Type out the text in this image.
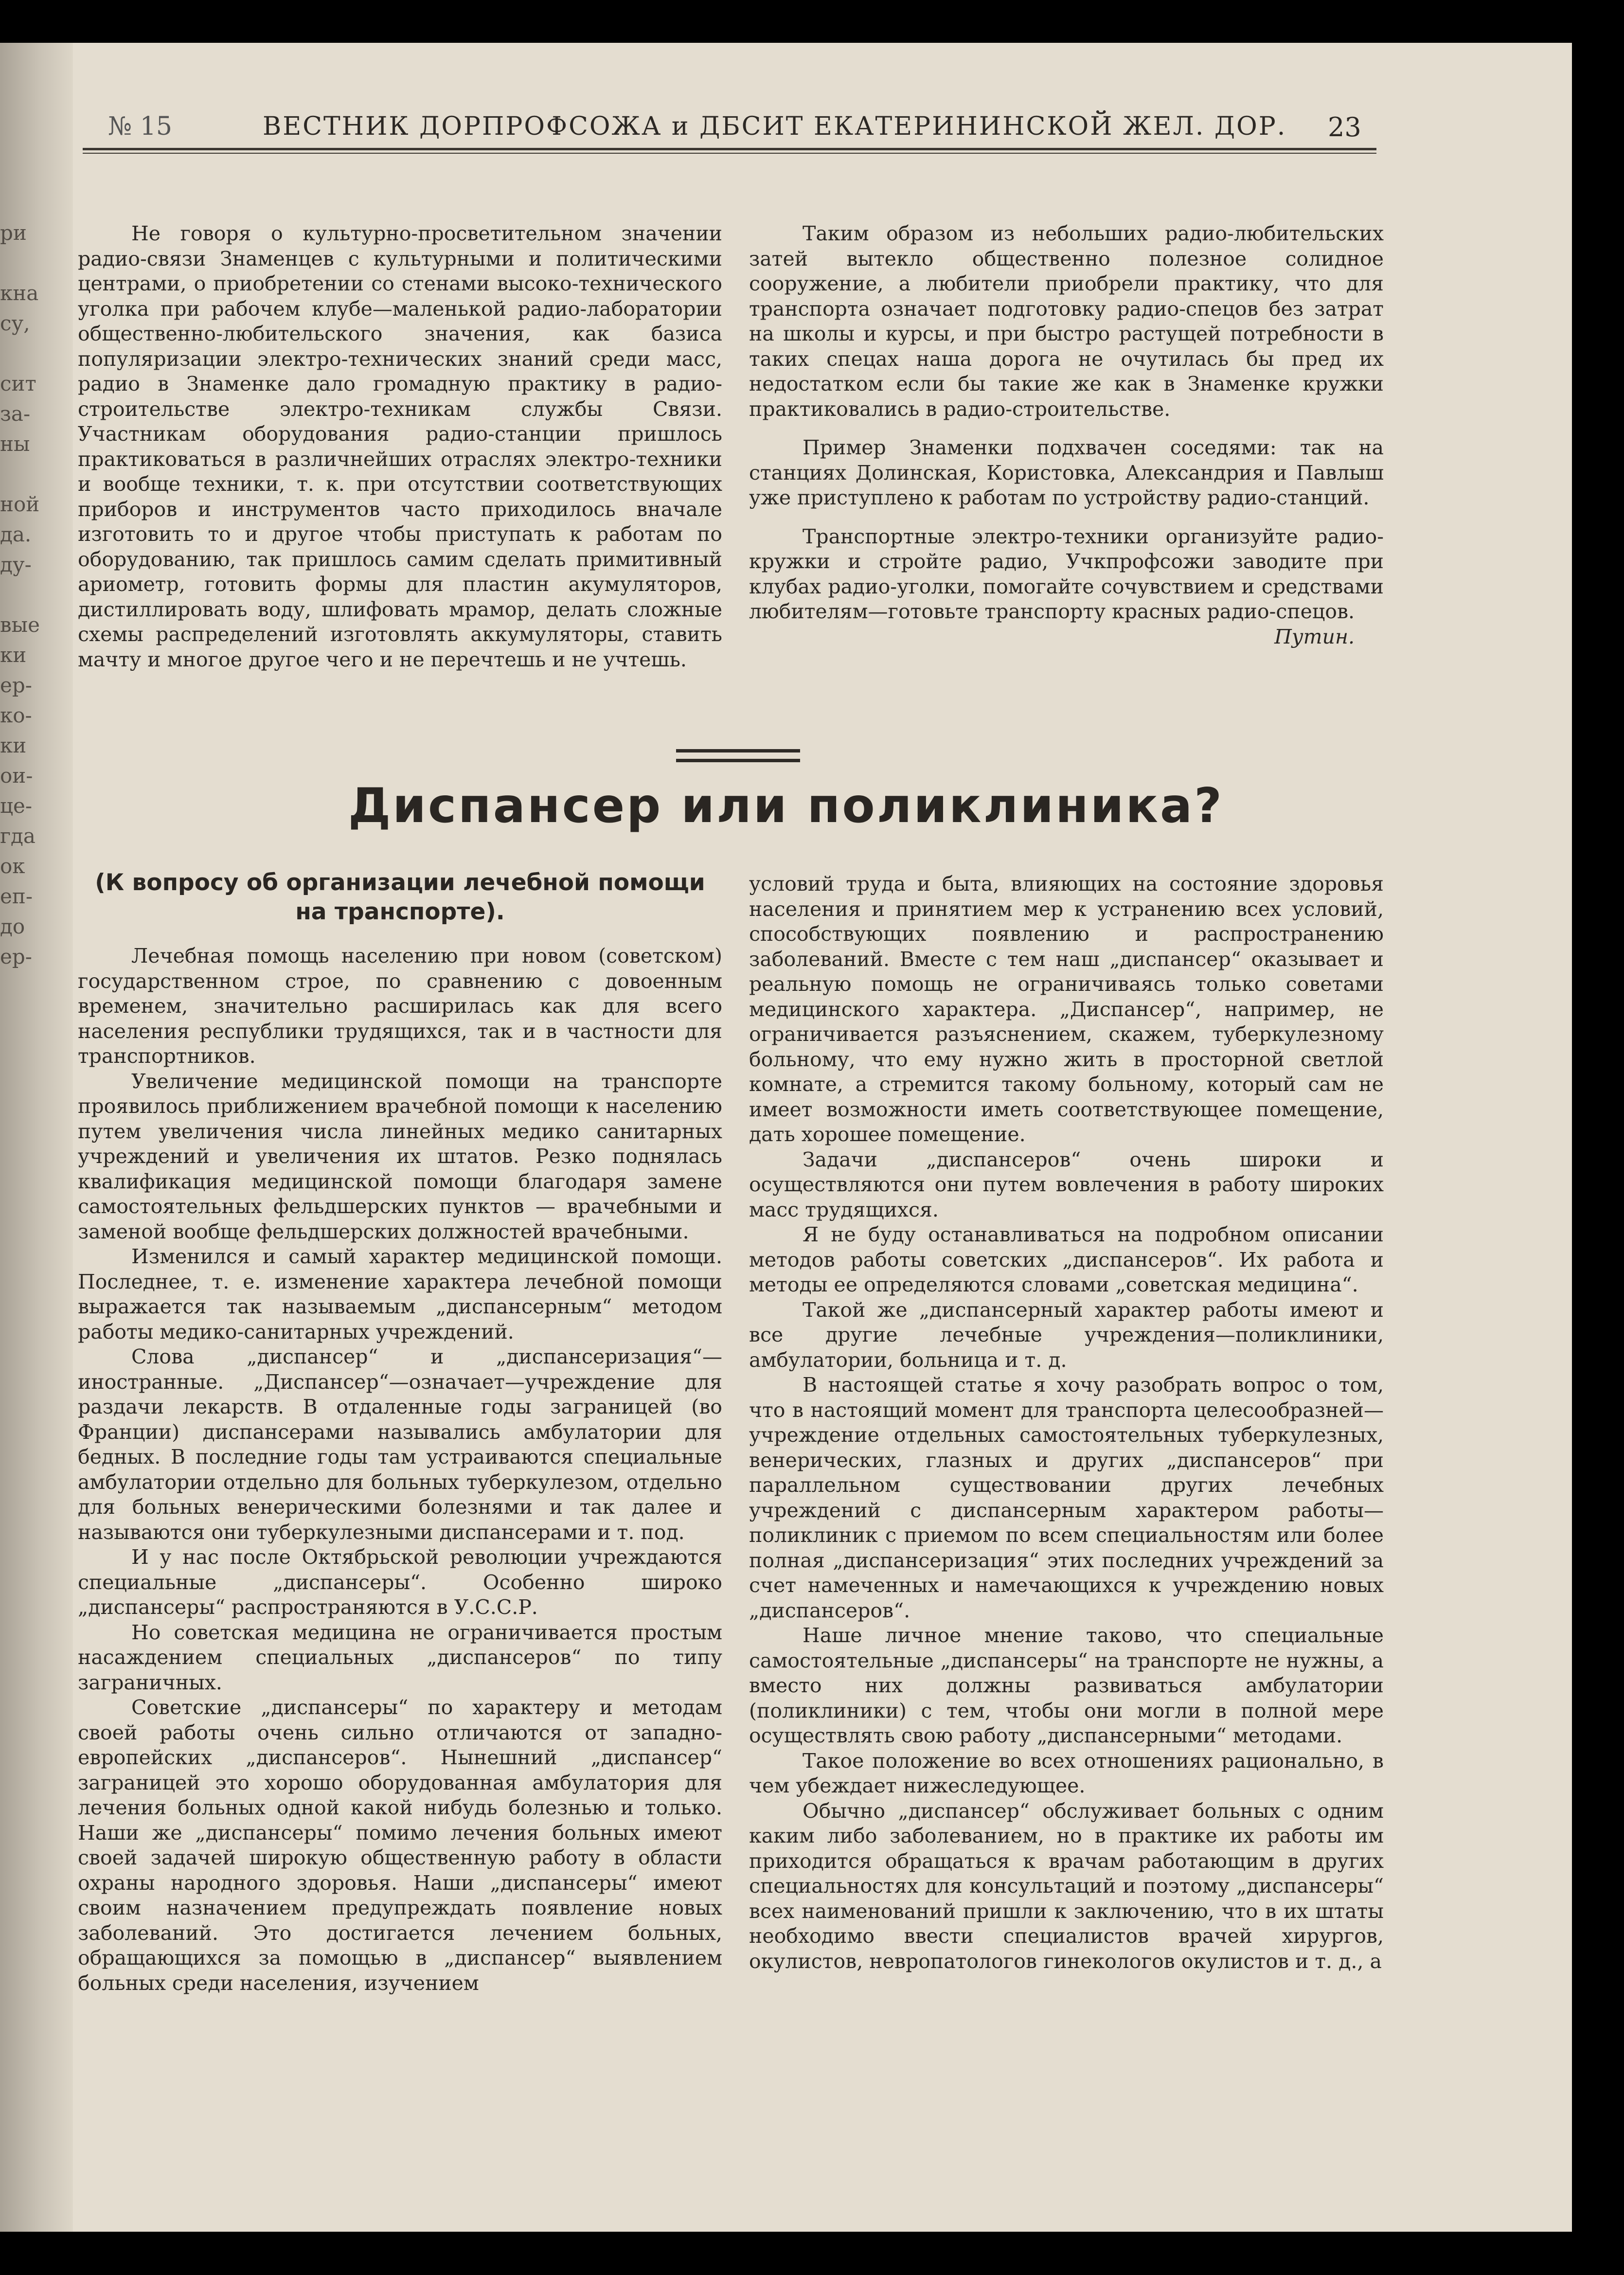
ри
кна
су,
сит
за-
ны
ной
да.
ду-
вые
ки
ер-
ко-
ки
ои-
це-
гда
ок
еп-
до
ер-
№ 15	ВЕСТНИК ДОРПРОФСОЖА и ДБСИТ ЕКАТЕРИНИНСКОЙ ЖЕЛ. ДОР. 23

Не говоря о культурно-просветительном значении радио-связи Знаменцев с культурными и политическими центрами, о приобретении со стенами высоко-технического уголка при рабочем клубе—маленькой радио-лаборатории общественно-любительского значения, как базиса популяризации электро-технических знаний среди масс, радио в Знаменке дало громадную практику в радио-строительстве электро-техникам службы Связи. Участникам оборудования радио-станции пришлось практиковаться в различнейших отраслях электро-техники и вообще техники, т. к. при отсутствии соответствующих приборов и инструментов часто приходилось вначале изготовить то и другое чтобы приступать к работам по оборудованию, так пришлось самим сделать примитивный ариометр, готовить формы для пластин акумуляторов, дистиллировать воду, шлифовать мрамор, делать сложные схемы распределений изготовлять аккумуляторы, ставить мачту и многое другое чего и не перечтешь и не учтешь.

Таким образом из небольших радио-любительских затей вытекло общественно полезное солидное сооружение, а любители приобрели практику, что для транспорта означает подготовку радио-спецов без затрат на школы и курсы, и при быстро растущей потребности в таких спецах наша дорога не очутилась бы пред их недостатком если бы такие же как в Знаменке кружки практиковались в радио-строительстве.

Пример Знаменки подхвачен соседями: так на станциях Долинская, Користовка, Александрия и Павлыш уже приступлено к работам по устройству радио-станций.

Транспортные электро-техники организуйте радио-кружки и стройте радио, Учкпрофсожи заводите при клубах радио-уголки, помогайте сочувствием и средствами любителям—готовьте транспорту красных радио-спецов.

Путин.

Диспансер или поликлиника?
(К вопросу об организации лечебной помощи на транспорте).

Лечебная помощь населению при новом (советском) государственном строе, по сравнению с довоенным временем, значительно расширилась как для всего населения республики трудящихся, так и в частности для транспортников.

Увеличение медицинской помощи на транспорте проявилось приближением врачебной помощи к населению путем увеличения числа линейных медико санитарных учреждений и увеличения их штатов. Резко поднялась квалификация медицинской помощи благодаря замене самостоятельных фельдшерских пунктов — врачебными и заменой вообще фельдшерских должностей врачебными.

Изменился и самый характер медицинской помощи. Последнее, т. е. изменение характера лечебной помощи выражается так называемым „диспансерным“ методом работы медико-санитарных учреждений.

Слова „диспансер“ и „диспансеризация“—иностранные. „Диспансер“—означает—учреждение для раздачи лекарств. В отдаленные годы заграницей (во Франции) диспансерами назывались амбулатории для бедных. В последние годы там устраиваются специальные амбулатории отдельно для больных туберкулезом, отдельно для больных венерическими болезнями и так далее и называются они туберкулезными диспансерами и т. под.

И у нас после Октябрьской революции учреждаются специальные „диспансеры“. Особенно широко „диспансеры“ распространяются в У.С.С.Р.

Но советская медицина не ограничивается простым насаждением специальных „диспансеров“ по типу заграничных.

Советские „диспансеры“ по характеру и методам своей работы очень сильно отличаются от западно-европейских „диспансеров“. Нынешний „диспансер“ заграницей это хорошо оборудованная амбулатория для лечения больных одной какой нибудь болезнью и только. Наши же „диспансеры“ помимо лечения больных имеют своей задачей широкую общественную работу в области охраны народного здоровья. Наши „диспансеры“ имеют своим назначением предупреждать появление новых заболеваний. Это достигается лечением больных, обращающихся за помощью в „диспансер“ выявлением больных среди населения, изучением

условий труда и быта, влияющих на состояние здоровья населения и принятием мер к устранению всех условий, способствующих появлению и распространению заболеваний. Вместе с тем наш „диспансер“ оказывает и реальную помощь не ограничиваясь только советами медицинского характера. „Диспансер“, например, не ограничивается разъяснением, скажем, туберкулезному больному, что ему нужно жить в просторной светлой комнате, а стремится такому больному, который сам не имеет возможности иметь соответствующее помещение, дать хорошее помещение.

Задачи „диспансеров“ очень широки и осуществляются они путем вовлечения в работу широких масс трудящихся.

Я не буду останавливаться на подробном описании методов работы советских „диспансеров“. Их работа и методы ее определяются словами „советская медицина“.

Такой же „диспансерный характер работы имеют и все другие лечебные учреждения—поликлиники, амбулатории, больница и т. д.

В настоящей статье я хочу разобрать вопрос о том, что в настоящий момент для транспорта целесообразней—учреждение отдельных самостоятельных туберкулезных, венерических, глазных и других „диспансеров“ при параллельном существовании других лечебных учреждений с диспансерным характером работы—поликлиник с приемом по всем специальностям или более полная „диспансеризация“ этих последних учреждений за счет намеченных и намечающихся к учреждению новых „диспансеров“.

Наше личное мнение таково, что специальные самостоятельные „диспансеры“ на транспорте не нужны, а вместо них должны развиваться амбулатории (поликлиники) с тем, чтобы они могли в полной мере осуществлять свою работу „диспансерными“ методами.

Такое положение во всех отношениях рационально, в чем убеждает нижеследующее.

Обычно „диспансер“ обслуживает больных с одним каким либо заболеванием, но в практике их работы им приходится обращаться к врачам работающим в других специальностях для консультаций и поэтому „диспансеры“ всех наименований пришли к заключению, что в их штаты необходимо ввести специалистов врачей хирургов, окулистов, невропатологов гинекологов окулистов и т. д., а
